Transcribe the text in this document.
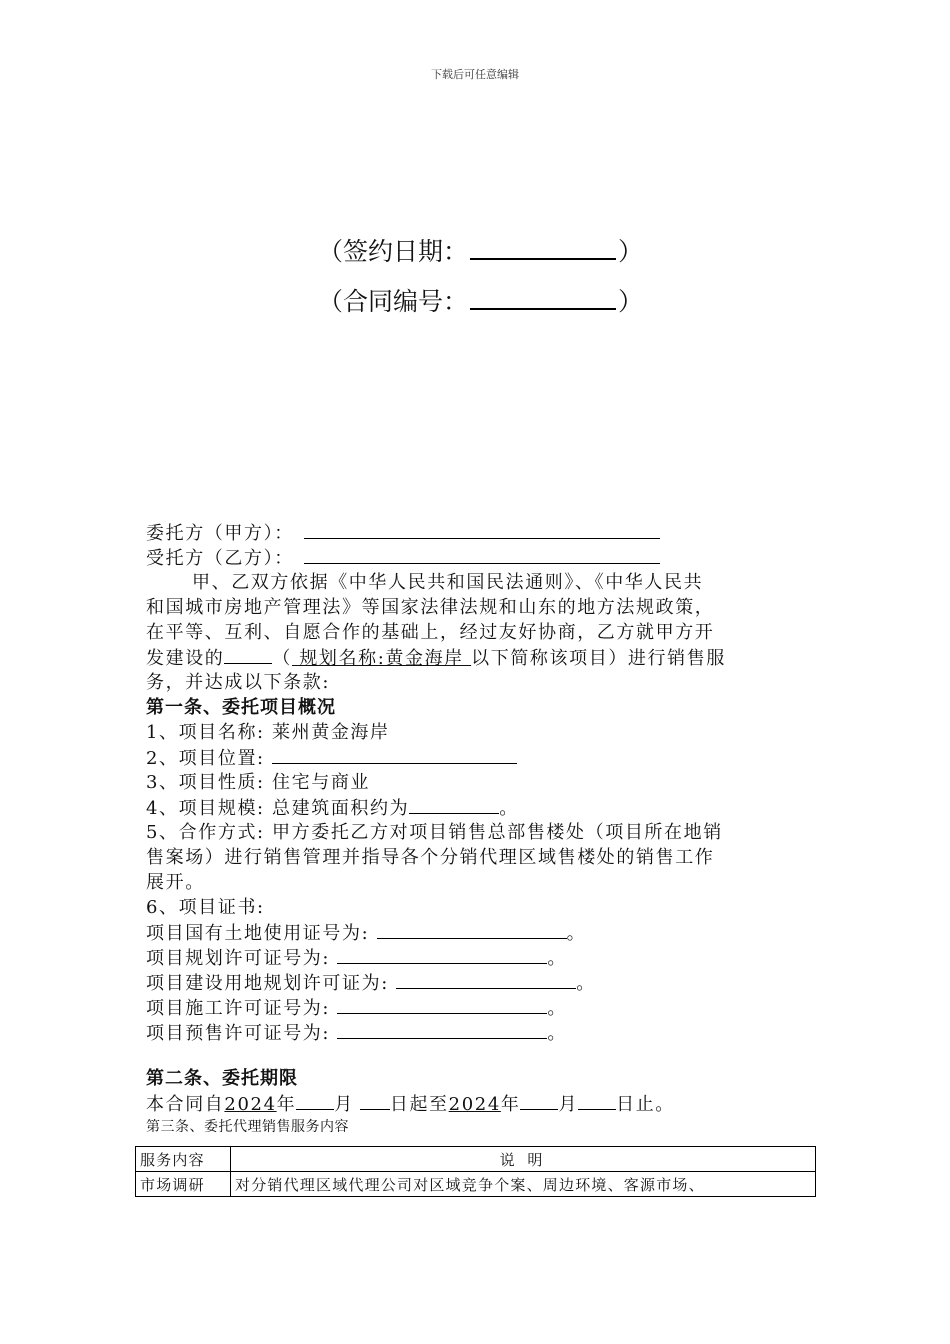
下载后可任意编辑
（签约日期：	）
（合同编号：	）
委托方（甲方）：
受托方（乙方）：
甲、乙双方依据《中华人民共和国民法通则》、《中华人民共
和国城市房地产管理法》等国家法律法规和山东的地方法规政策，
在平等、互利、自愿合作的基础上，经过友好协商，乙方就甲方开
发建设的	（ 规划名称:黄金海岸 以下简称该项目）进行销售服
务，并达成以下条款:
第一条、委托项目概况
1、项目名称: 莱州黄金海岸
2、项目位置:
3、项目性质: 住宅与商业
4、项目规模: 总建筑面积约为	。
5、合作方式: 甲方委托乙方对项目销售总部售楼处（项目所在地销
售案场）进行销售管理并指导各个分销代理区域售楼处的销售工作
展开。
6、项目证书:
项目国有土地使用证号为:	。
项目规划许可证号为:	。
项目建设用地规划许可证为:	。
项目施工许可证号为:	。
项目预售许可证号为:	。
第二条、委托期限
本合同自2024年 月 日起至2024年 月 日止。
第三条、委托代理销售服务内容
服务内容	说 明
市场调研	对分销代理区域代理公司对区域竞争个案、周边环境、客源市场、
